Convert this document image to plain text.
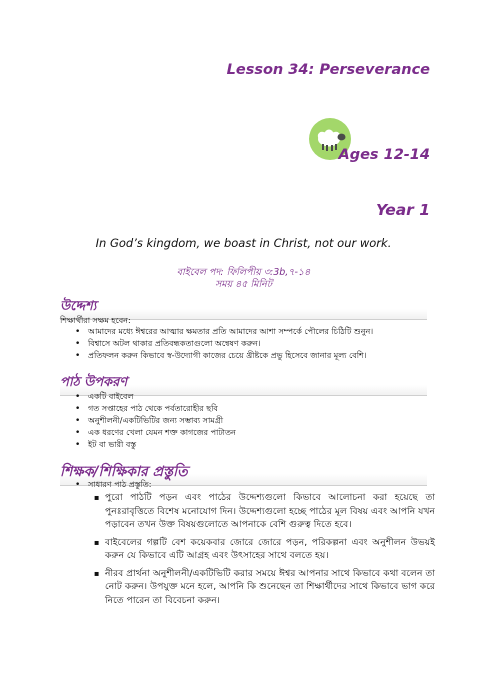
Lesson 34: Perseverance
Ages 12-14
Year 1
In God’s kingdom, we boast in Christ, not our work.
বাইবেল পদ: ফিলিপীয় ৩:3b,৭-১৪
সময় ৪৫ মিনিট
উদ্দেশ্য
শিক্ষার্থীরা সক্ষম হবেন:
• আমাদের মধ্যে ঈশ্বরের আত্মার ক্ষমতার প্রতি আমাদের আশা সম্পর্কে পৌলের চিঠিটি শুনুন।
• বিশ্বাসে অটল থাকার প্রতিবন্ধকতাগুলো অন্বেষণ করুন।
• প্রতিফলন করুন কিভাবে স্ব-উদ্যোগী কাজের চেয়ে খ্রীষ্টকে প্রভু হিসেবে জানার মূল্য বেশি।
পাঠ উপকরণ
• একটি বাইবেল
• গত সপ্তাহের পাঠ থেকে পর্বতারোহীর ছবি
• অনুশীলনী/একটিভিটির জন্য সম্ভাব্য সামগ্রী
• এক ধরণের খেলা যেমন শক্ত কাগজের পাটাতন
• ইট বা ভারী বস্তু
শিক্ষক/শিক্ষিকার প্রস্তুতি
• সাধারণ পাঠ প্রস্তুতি:
▪ পুরো পাঠটি পড়ন এবং পাঠের উদ্দেশ্যগুলো কিভাবে আলোচনা করা হয়েছে তা পুনঃরাবৃত্তিতে বিশেষ মনোযোগ দিন। উদ্দেশ্যগুলো হচ্ছে পাঠের মূল বিষয় এবং আপনি যখন পড়াবেন তখন উক্ত বিষয়গুলোতে আপনাকে বেশি গুরুত্ব দিতে হবে।
▪ বাইবেলের গল্পটি বেশ কয়েকবার জোরে জোরে পড়ন, পরিকল্পনা এবং অনুশীলন উভয়ই করুন যে কিভাবে এটি আগ্রহ এবং উৎসাহের সাথে বলতে হয়।
▪ নীরব প্রার্থনা অনুশীলনী/একটিভিটি করার সময়ে ঈশ্বর আপনার সাথে কিভাবে কথা বলেন তা নোট করুন। উপযুক্ত মনে হলে, আপনি কি শুনেছেন তা শিক্ষার্থীদের সাথে কিভাবে ভাগ করে নিতে পারেন তা বিবেচনা করুন।
